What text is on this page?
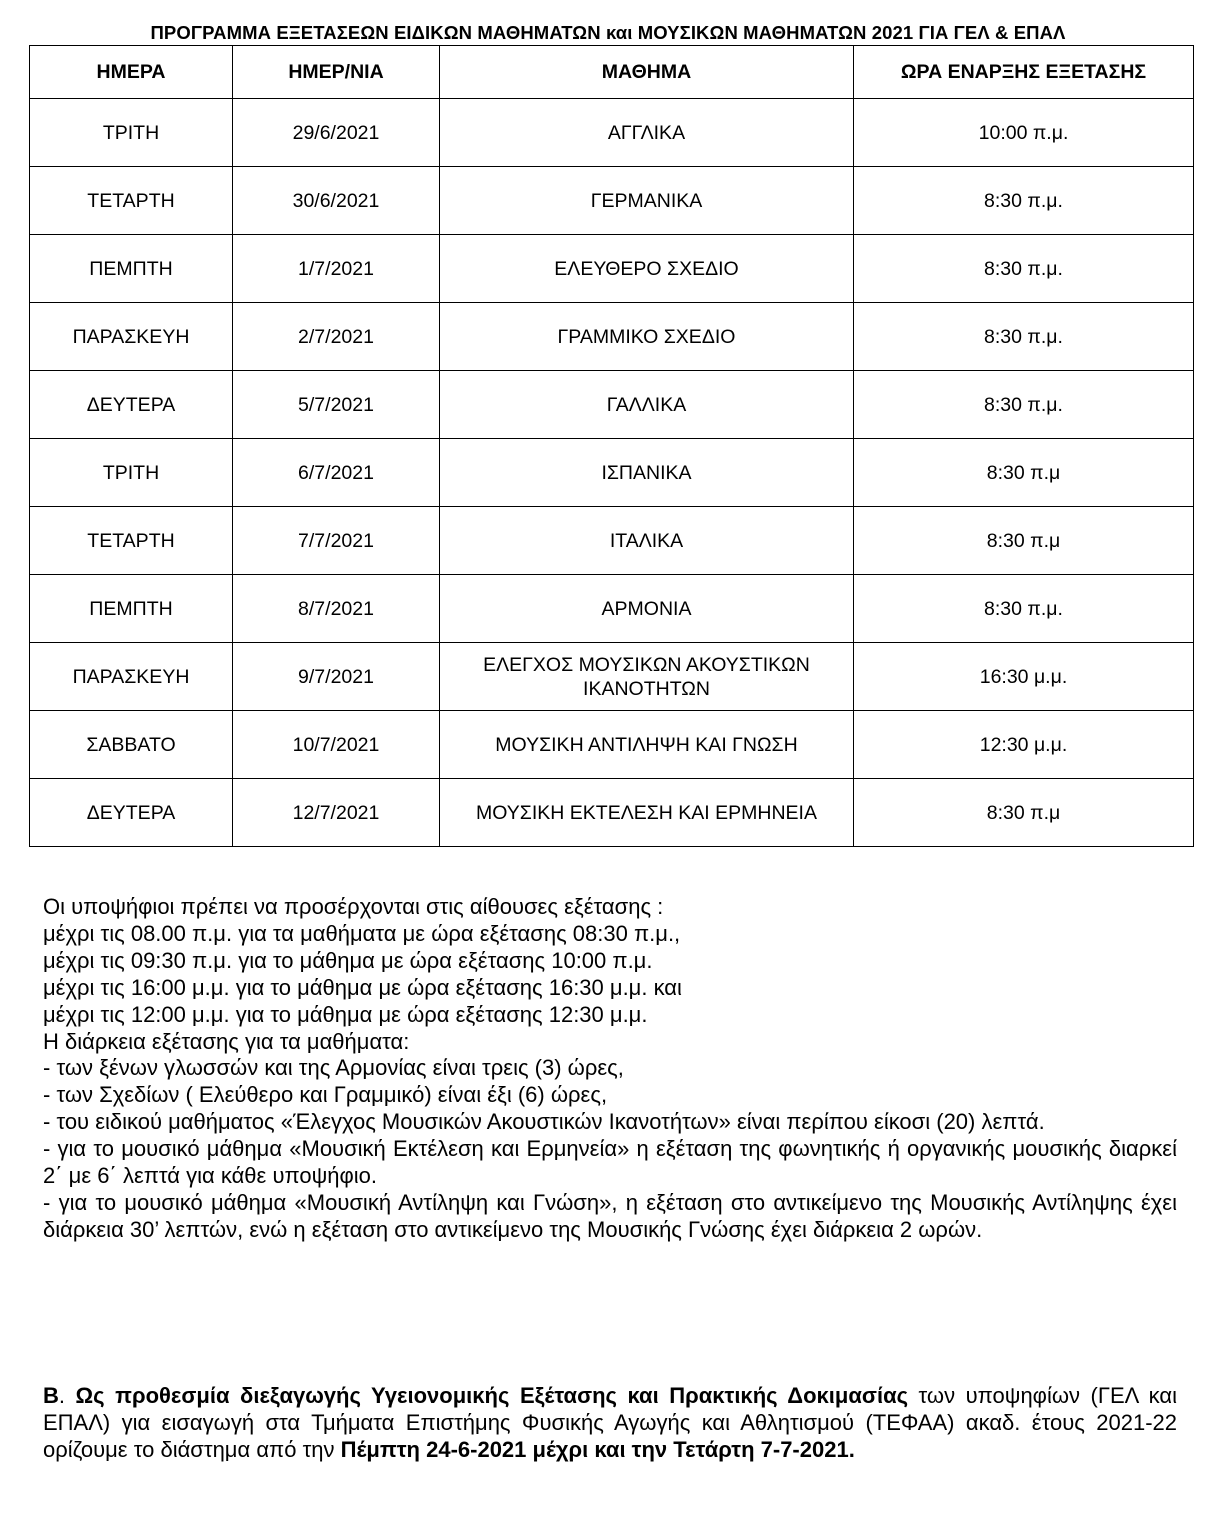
ΠΡΟΓΡΑΜΜΑ ΕΞΕΤΑΣΕΩΝ ΕΙΔΙΚΩΝ ΜΑΘΗΜΑΤΩΝ και ΜΟΥΣΙΚΩΝ ΜΑΘΗΜΑΤΩΝ 2021 ΓΙΑ ΓΕΛ & ΕΠΑΛ
ΗΜΕΡΑ	ΗΜΕΡ/ΝΙΑ	ΜΑΘΗΜΑ	ΩΡΑ ΕΝΑΡΞΗΣ ΕΞΕΤΑΣΗΣ
ΤΡΙΤΗ	29/6/2021	ΑΓΓΛΙΚΑ	10:00 π.μ.
ΤΕΤΑΡΤΗ	30/6/2021	ΓΕΡΜΑΝΙΚΑ	8:30 π.μ.
ΠΕΜΠΤΗ	1/7/2021	ΕΛΕΥΘΕΡΟ ΣΧΕΔΙΟ	8:30 π.μ.
ΠΑΡΑΣΚΕΥΗ	2/7/2021	ΓΡΑΜΜΙΚΟ ΣΧΕΔΙΟ	8:30 π.μ.
ΔΕΥΤΕΡΑ	5/7/2021	ΓΑΛΛΙΚΑ	8:30 π.μ.
ΤΡΙΤΗ	6/7/2021	ΙΣΠΑΝΙΚΑ	8:30 π.μ
ΤΕΤΑΡΤΗ	7/7/2021	ΙΤΑΛΙΚΑ	8:30 π.μ
ΠΕΜΠΤΗ	8/7/2021	ΑΡΜΟΝΙΑ	8:30 π.μ.
ΠΑΡΑΣΚΕΥΗ	9/7/2021	ΕΛΕΓΧΟΣ ΜΟΥΣΙΚΩΝ ΑΚΟΥΣΤΙΚΩΝ ΙΚΑΝΟΤΗΤΩΝ	16:30 μ.μ.
ΣΑΒΒΑΤΟ	10/7/2021	ΜΟΥΣΙΚΗ ΑΝΤΙΛΗΨΗ ΚΑΙ ΓΝΩΣΗ	12:30 μ.μ.
ΔΕΥΤΕΡΑ	12/7/2021	ΜΟΥΣΙΚΗ ΕΚΤΕΛΕΣΗ ΚΑΙ ΕΡΜΗΝΕΙΑ	8:30 π.μ

Οι υποψήφιοι πρέπει να προσέρχονται στις αίθουσες εξέτασης :

μέχρι τις 08.00 π.μ. για τα μαθήματα με ώρα εξέτασης 08:30 π.μ.,

μέχρι τις 09:30 π.μ. για το μάθημα με ώρα εξέτασης 10:00 π.μ.

μέχρι τις 16:00 μ.μ. για το μάθημα με ώρα εξέτασης 16:30 μ.μ. και

μέχρι τις 12:00 μ.μ. για το μάθημα με ώρα εξέτασης 12:30 μ.μ.

Η διάρκεια εξέτασης για τα μαθήματα:

- των ξένων γλωσσών και της Αρμονίας είναι τρεις (3) ώρες,

- των Σχεδίων ( Ελεύθερο και Γραμμικό) είναι έξι (6) ώρες,

- του ειδικού μαθήματος «Έλεγχος Μουσικών Ακουστικών Ικανοτήτων» είναι περίπου είκοσι (20) λεπτά.

- για το μουσικό μάθημα «Μουσική Εκτέλεση και Ερμηνεία» η εξέταση της φωνητικής ή οργανικής μουσικής διαρκεί 2΄ με 6΄ λεπτά για κάθε υποψήφιο.

- για το μουσικό μάθημα «Μουσική Αντίληψη και Γνώση», η εξέταση στο αντικείμενο της Μουσικής Αντίληψης έχει διάρκεια 30’ λεπτών, ενώ η εξέταση στο αντικείμενο της Μουσικής Γνώσης έχει διάρκεια 2 ωρών.

Β. Ως προθεσμία διεξαγωγής Υγειονομικής Εξέτασης και Πρακτικής Δοκιμασίας των υποψηφίων (ΓΕΛ και ΕΠΑΛ) για εισαγωγή στα Τμήματα Επιστήμης Φυσικής Αγωγής και Αθλητισμού (ΤΕΦΑΑ) ακαδ. έτους 2021-22 ορίζουμε το διάστημα από την Πέμπτη 24-6-2021 μέχρι και την Τετάρτη 7-7-2021.
